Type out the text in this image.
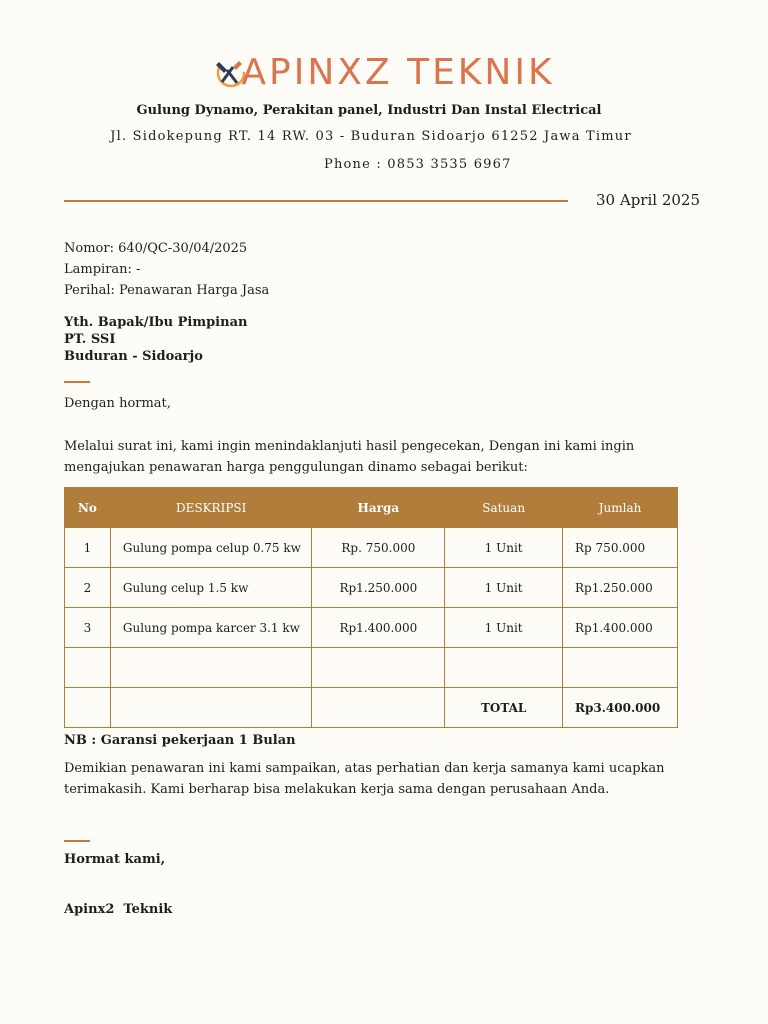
APINXZ TEKNIK
Gulung Dynamo, Perakitan panel, Industri Dan Instal Electrical
Jl. Sidokepung RT. 14 RW. 03 - Buduran Sidoarjo 61252 Jawa Timur
Phone : 0853 3535 6967
30 April 2025
Nomor: 640/QC-30/04/2025
Lampiran: -
Perihal: Penawaran Harga Jasa
Yth. Bapak/Ibu Pimpinan
PT. SSI
Buduran - Sidoarjo
Dengan hormat,
Melalui surat ini, kami ingin menindaklanjuti hasil pengecekan, Dengan ini kami ingin mengajukan penawaran harga penggulungan dinamo sebagai berikut:
No	DESKRIPSI	Harga	Satuan	Jumlah
1	Gulung pompa celup 0.75 kw	Rp. 750.000	1 Unit	Rp 750.000
2	Gulung celup 1.5 kw	Rp1.250.000	1 Unit	Rp1.250.000
3	Gulung pompa karcer 3.1 kw	Rp1.400.000	1 Unit	Rp1.400.000

			TOTAL	Rp3.400.000
NB : Garansi pekerjaan 1 Bulan
Demikian penawaran ini kami sampaikan, atas perhatian dan kerja samanya kami ucapkan terimakasih. Kami berharap bisa melakukan kerja sama dengan perusahaan Anda.
Hormat kami,
Apinx2  Teknik
